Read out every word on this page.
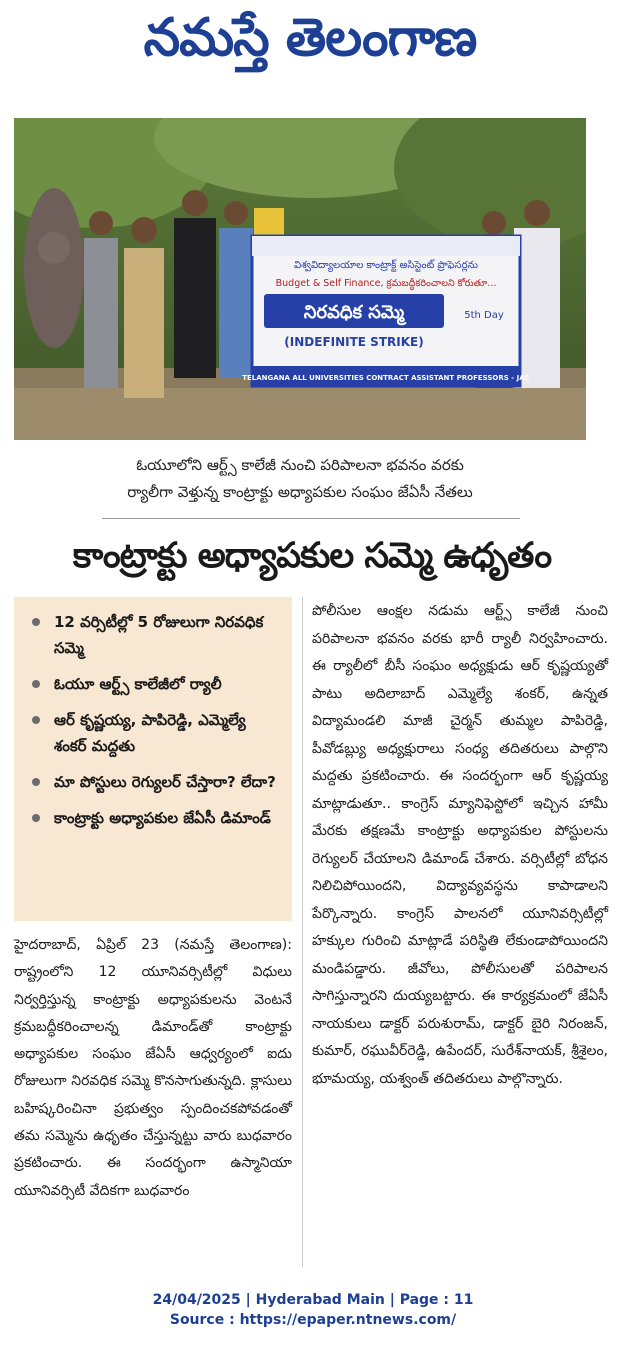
నమస్తే తెలంగాణ
విశ్వవిద్యాలయాల కాంట్రాక్ట్ అసిస్టెంట్ ప్రొఫెసర్లను
Budget & Self Finance, క్రమబద్ధీకరించాలని కోరుతూ...
నిరవధిక సమ్మె
(INDEFINITE STRIKE)
5th Day
TELANGANA ALL UNIVERSITIES CONTRACT ASSISTANT PROFESSORS - JAC
ఓయూలోని ఆర్ట్స్ కాలేజీ నుంచి పరిపాలనా భవనం వరకు
ర్యాలీగా వెళ్తున్న కాంట్రాక్టు అధ్యాపకుల సంఘం జేఏసీ నేతలు
కాంట్రాక్టు అధ్యాపకుల సమ్మె ఉధృతం
12 వర్సిటీల్లో 5 రోజులుగా నిరవధిక సమ్మె
ఓయూ ఆర్ట్స్ కాలేజీలో ర్యాలీ
ఆర్ కృష్ణయ్య, పాపిరెడ్డి, ఎమ్మెల్యే శంకర్ మద్దతు
మా పోస్టులు రెగ్యులర్ చేస్తారా? లేదా?
కాంట్రాక్టు అధ్యాపకుల జేఏసీ డిమాండ్
హైదరాబాద్, ఏప్రిల్ 23 (నమస్తే తెలంగాణ): రాష్ట్రంలోని 12 యూనివర్సిటీల్లో విధులు నిర్వర్తిస్తున్న కాంట్రాక్టు అధ్యాపకులను వెంటనే క్రమబద్ధీకరించాలన్న డిమాండ్‌తో కాంట్రాక్టు అధ్యాపకుల సంఘం జేఏసీ ఆధ్వర్యంలో ఐదు రోజులుగా నిరవధిక సమ్మె కొనసాగుతున్నది. క్లాసులు బహిష్కరించినా ప్రభుత్వం స్పందించకపోవడంతో తమ సమ్మెను ఉధృతం చేస్తున్నట్టు వారు బుధవారం ప్రకటించారు. ఈ సందర్భంగా ఉస్మానియా యూనివర్సిటీ వేదికగా బుధవారం
పోలీసుల ఆంక్షల నడుమ ఆర్ట్స్ కాలేజీ నుంచి పరిపాలనా భవనం వరకు భారీ ర్యాలీ నిర్వహించారు. ఈ ర్యాలీలో బీసీ సంఘం అధ్యక్షుడు ఆర్ కృష్ణయ్యతో పాటు అదిలాబాద్ ఎమ్మెల్యే శంకర్, ఉన్నత విద్యామండలి మాజీ చైర్మన్ తుమ్మల పాపిరెడ్డి, పీవోడబ్ల్యు అధ్యక్షురాలు సంధ్య తదితరులు పాల్గొని మద్దతు ప్రకటించారు. ఈ సందర్భంగా ఆర్ కృష్ణయ్య మాట్లాడుతూ.. కాంగ్రెస్ మ్యానిఫెస్టోలో ఇచ్చిన హామీ మేరకు తక్షణమే కాంట్రాక్టు అధ్యాపకుల పోస్టులను రెగ్యులర్ చేయాలని డిమాండ్ చేశారు. వర్సిటీల్లో బోధన నిలిచిపోయిందని, విద్యావ్యవస్థను కాపాడాలని పేర్కొన్నారు. కాంగ్రెస్ పాలనలో యూనివర్సిటీల్లో హక్కుల గురించి మాట్లాడే పరిస్థితి లేకుండాపోయిందని మండిపడ్డారు. జీవోలు, పోలీసులతో పరిపాలన సాగిస్తున్నారని దుయ్యబట్టారు. ఈ కార్యక్రమంలో జేఏసీ నాయకులు డాక్టర్ పరుశురామ్, డాక్టర్ బైరి నిరంజన్, కుమార్, రఘువీర్‌రెడ్డి, ఉపేందర్, సురేశ్‌నాయక్, శ్రీశైలం, భూమయ్య, యశ్వంత్ తదితరులు పాల్గొన్నారు.
24/04/2025 | Hyderabad Main | Page : 11
Source : https://epaper.ntnews.com/
